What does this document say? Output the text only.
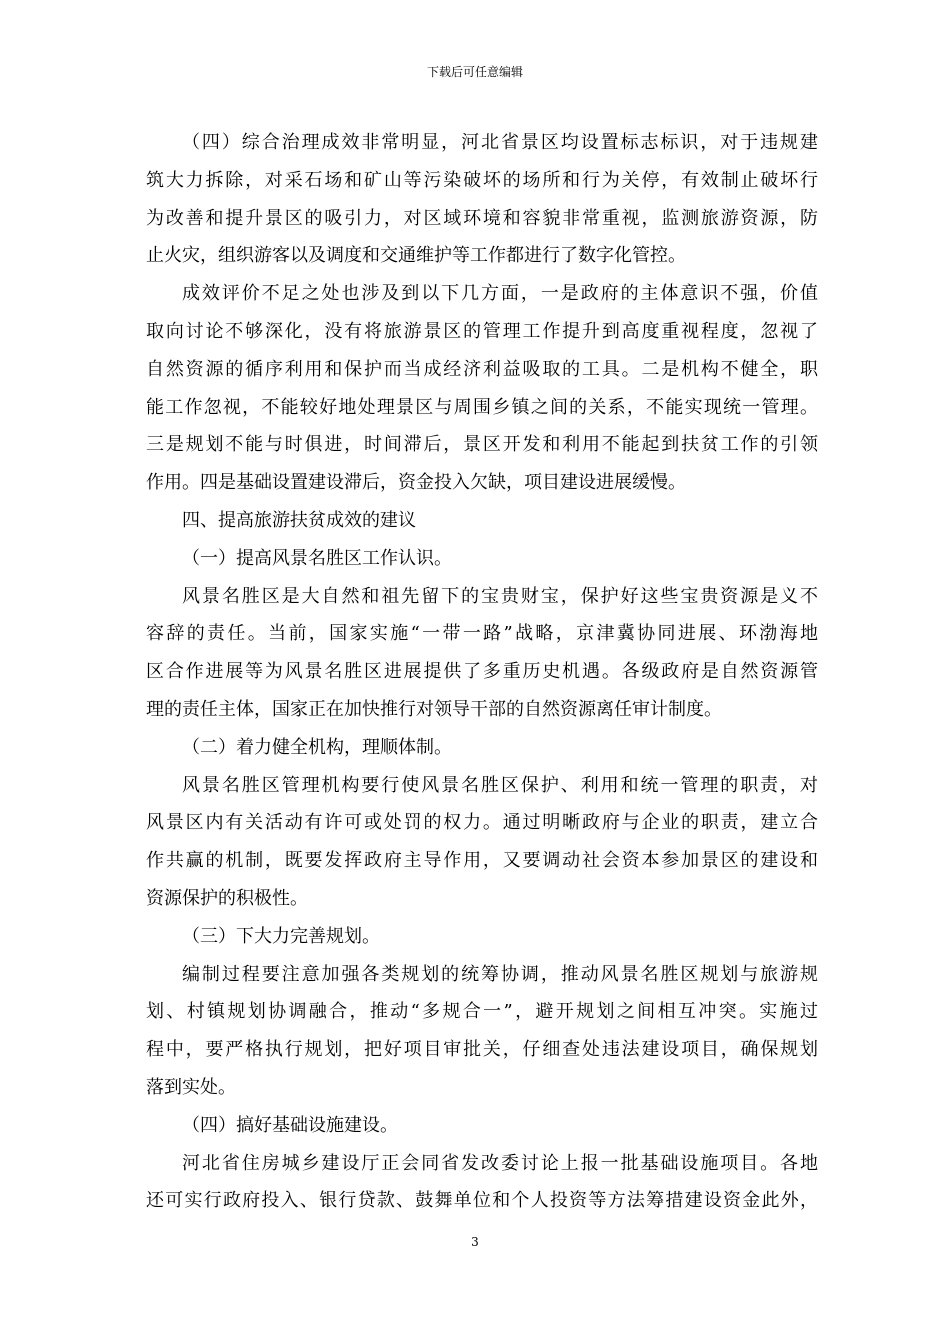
下载后可任意编辑
（四）综合治理成效非常明显，河北省景区均设置标志标识，对于违规建
筑大力拆除，对采石场和矿山等污染破坏的场所和行为关停，有效制止破坏行
为改善和提升景区的吸引力，对区域环境和容貌非常重视，监测旅游资源，防
止火灾，组织游客以及调度和交通维护等工作都进行了数字化管控。
成效评价不足之处也涉及到以下几方面，一是政府的主体意识不强，价值
取向讨论不够深化，没有将旅游景区的管理工作提升到高度重视程度，忽视了
自然资源的循序利用和保护而当成经济利益吸取的工具。二是机构不健全，职
能工作忽视，不能较好地处理景区与周围乡镇之间的关系，不能实现统一管理。
三是规划不能与时俱进，时间滞后，景区开发和利用不能起到扶贫工作的引领
作用。四是基础设置建设滞后，资金投入欠缺，项目建设进展缓慢。
四、提高旅游扶贫成效的建议
（一）提高风景名胜区工作认识。
风景名胜区是大自然和祖先留下的宝贵财宝，保护好这些宝贵资源是义不
容辞的责任。当前，国家实施“一带一路”战略，京津冀协同进展、环渤海地
区合作进展等为风景名胜区进展提供了多重历史机遇。各级政府是自然资源管
理的责任主体，国家正在加快推行对领导干部的自然资源离任审计制度。
（二）着力健全机构，理顺体制。
风景名胜区管理机构要行使风景名胜区保护、利用和统一管理的职责，对
风景区内有关活动有许可或处罚的权力。通过明晰政府与企业的职责，建立合
作共赢的机制，既要发挥政府主导作用，又要调动社会资本参加景区的建设和
资源保护的积极性。
（三）下大力完善规划。
编制过程要注意加强各类规划的统筹协调，推动风景名胜区规划与旅游规
划、村镇规划协调融合，推动“多规合一”，避开规划之间相互冲突。实施过
程中，要严格执行规划，把好项目审批关，仔细查处违法建设项目，确保规划
落到实处。
（四）搞好基础设施建设。
河北省住房城乡建设厅正会同省发改委讨论上报一批基础设施项目。各地
还可实行政府投入、银行贷款、鼓舞单位和个人投资等方法筹措建设资金此外，
3
